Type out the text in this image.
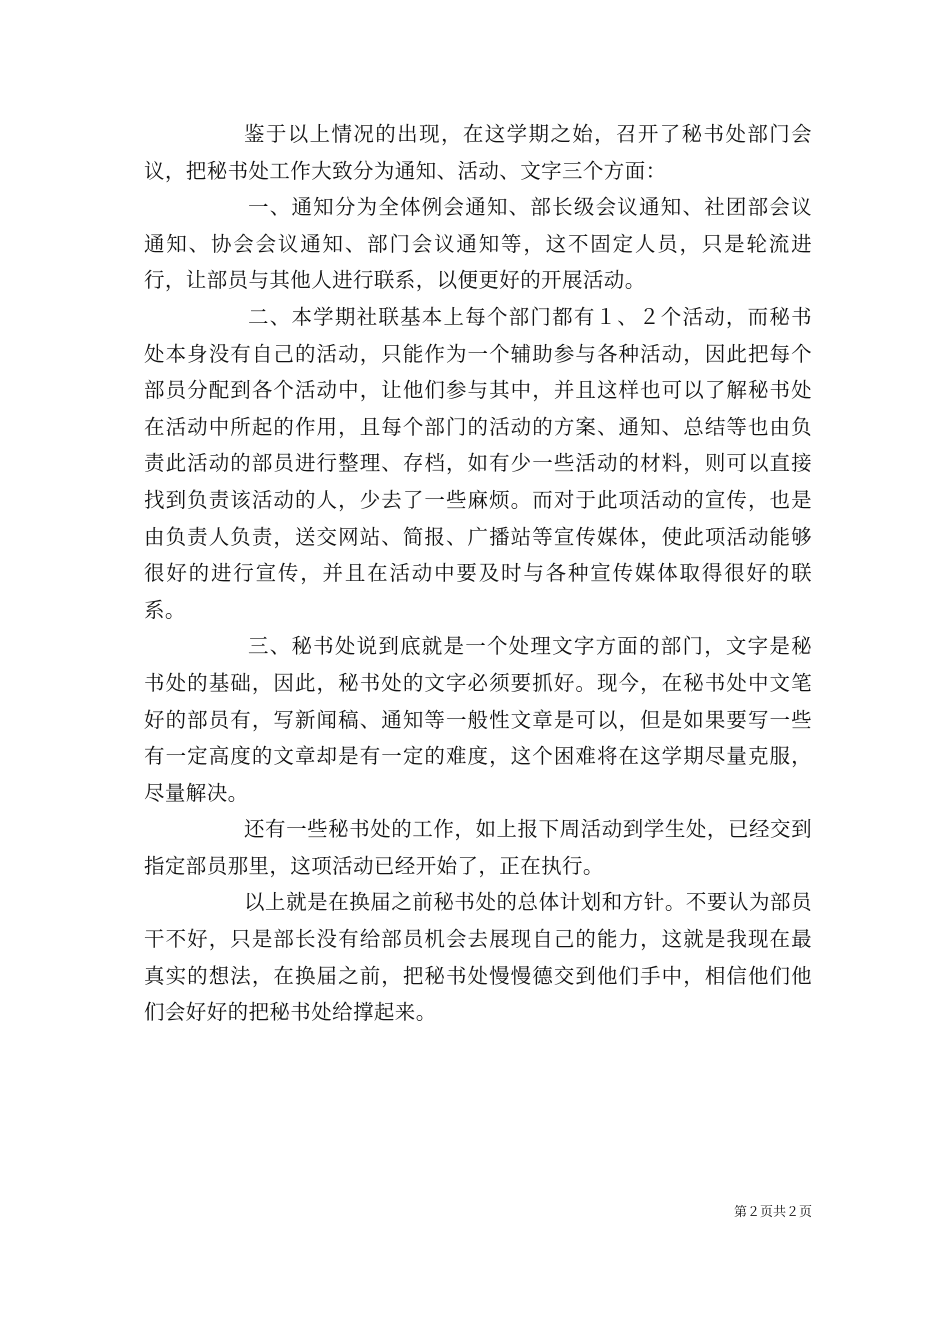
鉴于以上情况的出现，在这学期之始，召开了秘书处部门会议，把秘书处工作大致分为通知、活动、文字三个方面：

一、通知分为全体例会通知、部长级会议通知、社团部会议通知、协会会议通知、部门会议通知等，这不固定人员，只是轮流进行，让部员与其他人进行联系，以便更好的开展活动。

二、本学期社联基本上每个部门都有１、２个活动，而秘书处本身没有自己的活动，只能作为一个辅助参与各种活动，因此把每个部员分配到各个活动中，让他们参与其中，并且这样也可以了解秘书处在活动中所起的作用，且每个部门的活动的方案、通知、总结等也由负责此活动的部员进行整理、存档，如有少一些活动的材料，则可以直接找到负责该活动的人，少去了一些麻烦。而对于此项活动的宣传，也是由负责人负责，送交网站、简报、广播站等宣传媒体，使此项活动能够很好的进行宣传，并且在活动中要及时与各种宣传媒体取得很好的联系。

三、秘书处说到底就是一个处理文字方面的部门，文字是秘书处的基础，因此，秘书处的文字必须要抓好。现今，在秘书处中文笔好的部员有，写新闻稿、通知等一般性文章是可以，但是如果要写一些有一定高度的文章却是有一定的难度，这个困难将在这学期尽量克服，尽量解决。

还有一些秘书处的工作，如上报下周活动到学生处，已经交到指定部员那里，这项活动已经开始了，正在执行。

以上就是在换届之前秘书处的总体计划和方针。不要认为部员干不好，只是部长没有给部员机会去展现自己的能力，这就是我现在最真实的想法，在换届之前，把秘书处慢慢德交到他们手中，相信他们他们会好好的把秘书处给撑起来。

第２页共２页
